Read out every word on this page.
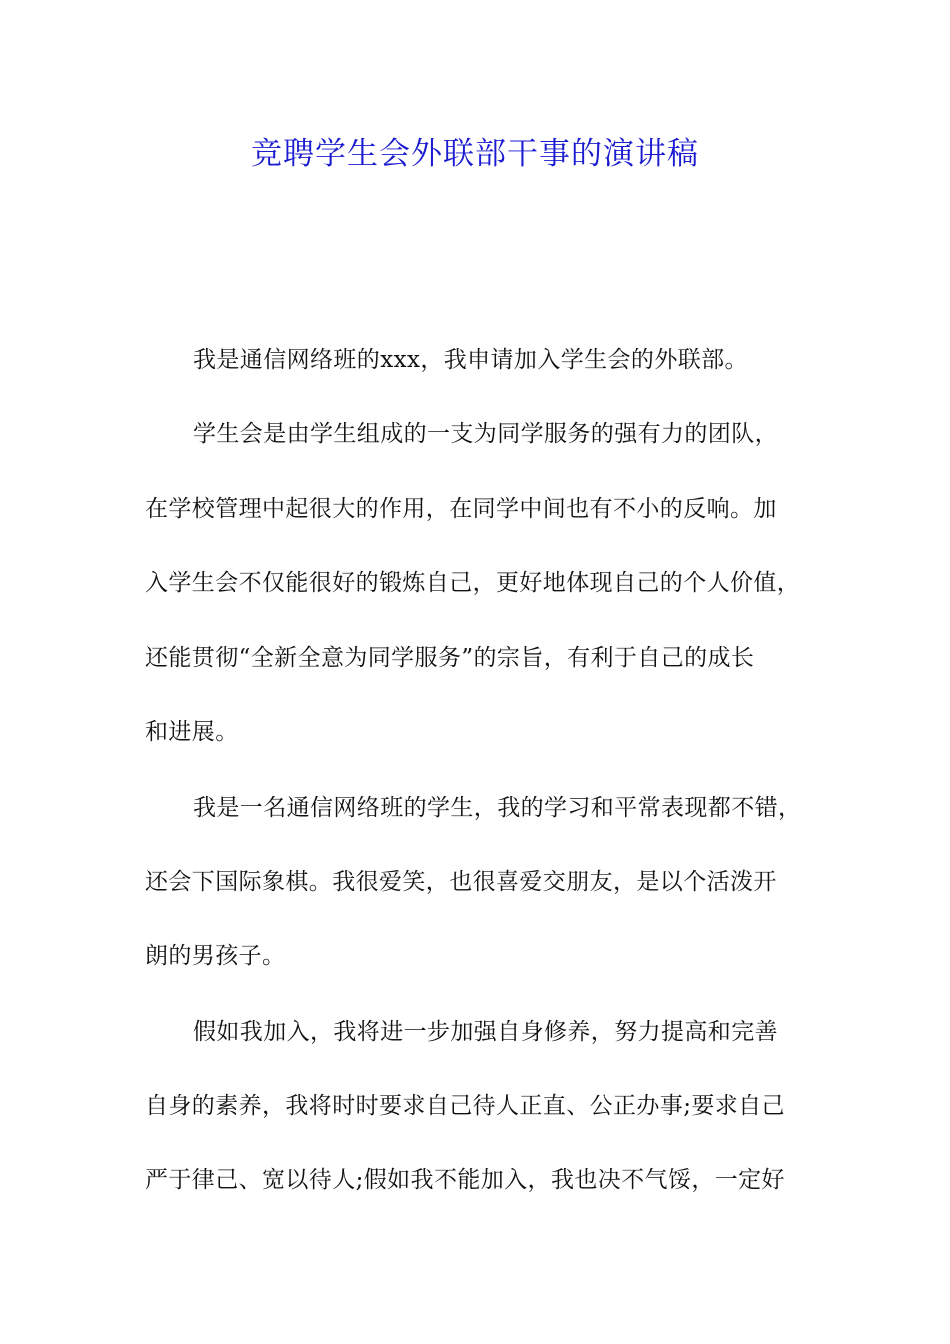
竞聘学生会外联部干事的演讲稿

我是通信网络班的xxx，我申请加入学生会的外联部。

学生会是由学生组成的一支为同学服务的强有力的团队，

在学校管理中起很大的作用，在同学中间也有不小的反响。加

入学生会不仅能很好的锻炼自己，更好地体现自己的个人价值，

还能贯彻“全新全意为同学服务”的宗旨，有利于自己的成长

和进展。

我是一名通信网络班的学生，我的学习和平常表现都不错，

还会下国际象棋。我很爱笑，也很喜爱交朋友，是以个活泼开

朗的男孩子。

假如我加入，我将进一步加强自身修养，努力提高和完善

自身的素养，我将时时要求自己待人正直、公正办事;要求自己

严于律己、宽以待人;假如我不能加入，我也决不气馁，一定好
